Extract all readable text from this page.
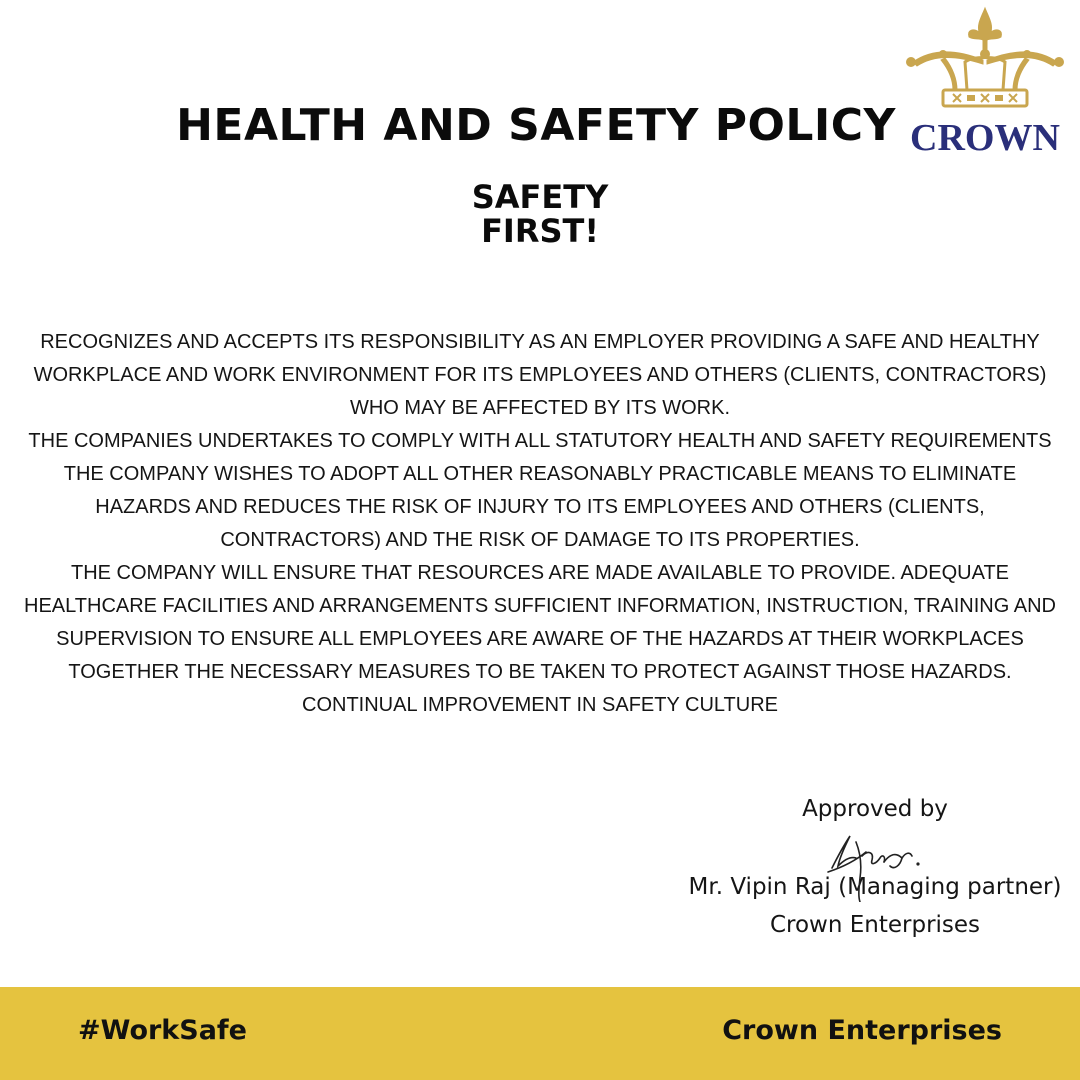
CROWN
HEALTH AND SAFETY POLICY
SAFETY
FIRST!
RECOGNIZES AND ACCEPTS ITS RESPONSIBILITY AS AN EMPLOYER PROVIDING A SAFE AND HEALTHY
WORKPLACE AND WORK ENVIRONMENT FOR ITS EMPLOYEES AND OTHERS (CLIENTS, CONTRACTORS)
WHO MAY BE AFFECTED BY ITS WORK.
THE COMPANIES UNDERTAKES TO COMPLY WITH ALL STATUTORY HEALTH AND SAFETY REQUIREMENTS
THE COMPANY WISHES TO ADOPT ALL OTHER REASONABLY PRACTICABLE MEANS TO ELIMINATE
HAZARDS AND REDUCES THE RISK OF INJURY TO ITS EMPLOYEES AND OTHERS (CLIENTS,
CONTRACTORS) AND THE RISK OF DAMAGE TO ITS PROPERTIES.
THE COMPANY WILL ENSURE THAT RESOURCES ARE MADE AVAILABLE TO PROVIDE. ADEQUATE
HEALTHCARE FACILITIES AND ARRANGEMENTS SUFFICIENT INFORMATION, INSTRUCTION, TRAINING AND
SUPERVISION TO ENSURE ALL EMPLOYEES ARE AWARE OF THE HAZARDS AT THEIR WORKPLACES
TOGETHER THE NECESSARY MEASURES TO BE TAKEN TO PROTECT AGAINST THOSE HAZARDS.
CONTINUAL IMPROVEMENT IN SAFETY CULTURE
Approved by
Mr. Vipin Raj (Managing partner)
Crown Enterprises
#WorkSafe	Crown Enterprises
